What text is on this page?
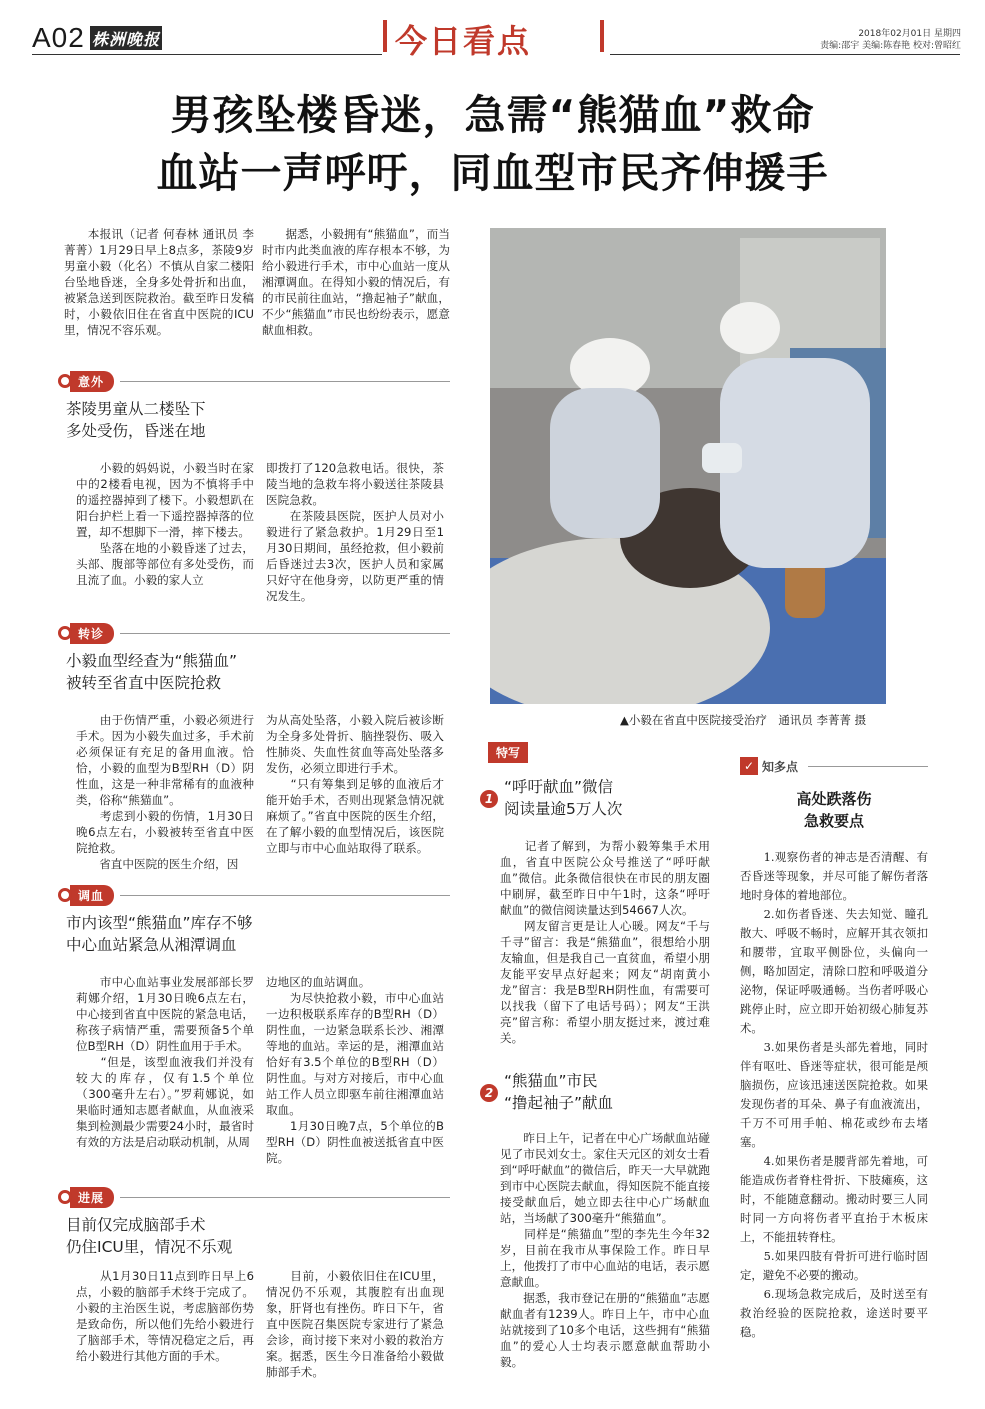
A02 株洲晚报	今日看点	2018年02月01日 星期四
责编:邵宇 美编:陈春艳 校对:曾昭红
男孩坠楼昏迷，急需“熊猫血”救命
血站一声呼吁，同血型市民齐伸援手
　　本报讯（记者 何春林 通讯员 李菁菁）1月29日早上8点多，茶陵9岁男童小毅（化名）不慎从自家二楼阳台坠地昏迷，全身多处骨折和出血，被紧急送到医院救治。截至昨日发稿时，小毅依旧住在省直中医院的ICU里，情况不容乐观。
　　据悉，小毅拥有“熊猫血”，而当时市内此类血液的库存根本不够，为给小毅进行手术，市中心血站一度从湘潭调血。在得知小毅的情况后，有的市民前往血站，“撸起袖子”献血，不少“熊猫血”市民也纷纷表示，愿意献血相救。
意外
茶陵男童从二楼坠下
多处受伤，昏迷在地
　　小毅的妈妈说，小毅当时在家中的2楼看电视，因为不慎将手中的遥控器掉到了楼下。小毅想趴在阳台护栏上看一下遥控器掉落的位置，却不想脚下一滑，摔下楼去。
　　坠落在地的小毅昏迷了过去，头部、腹部等部位有多处受伤，而且流了血。小毅的家人立
即拨打了120急救电话。很快，茶陵当地的急救车将小毅送往茶陵县医院急救。
　　在茶陵县医院，医护人员对小毅进行了紧急救护。1月29日至1月30日期间，虽经抢救，但小毅前后昏迷过去3次，医护人员和家属只好守在他身旁，以防更严重的情况发生。
转诊
小毅血型经查为“熊猫血”
被转至省直中医院抢救
　　由于伤情严重，小毅必须进行手术。因为小毅失血过多，手术前必须保证有充足的备用血液。恰恰，小毅的血型为B型RH（D）阴性血，这是一种非常稀有的血液种类，俗称“熊猫血”。
　　考虑到小毅的伤情，1月30日晚6点左右，小毅被转至省直中医院抢救。
　　省直中医院的医生介绍，因
为从高处坠落，小毅入院后被诊断为全身多处骨折、脑挫裂伤、吸入性肺炎、失血性贫血等高处坠落多发伤，必须立即进行手术。
　　“只有筹集到足够的血液后才能开始手术，否则出现紧急情况就麻烦了。”省直中医院的医生介绍，在了解小毅的血型情况后，该医院立即与市中心血站取得了联系。
调血
市内该型“熊猫血”库存不够
中心血站紧急从湘潭调血
　　市中心血站事业发展部部长罗莉娜介绍，1月30日晚6点左右，中心接到省直中医院的紧急电话，称孩子病情严重，需要预备5个单位B型RH（D）阴性血用于手术。
　　“但是，该型血液我们并没有较大的库存，仅有1.5个单位（300毫升左右）。”罗莉娜说，如果临时通知志愿者献血，从血液采集到检测最少需要24小时，最省时有效的方法是启动联动机制，从周
边地区的血站调血。
　　为尽快抢救小毅，市中心血站一边积极联系库存的B型RH（D）阴性血，一边紧急联系长沙、湘潭等地的血站。幸运的是，湘潭血站恰好有3.5个单位的B型RH（D）阴性血。与对方对接后，市中心血站工作人员立即驱车前往湘潭血站取血。
　　1月30日晚7点，5个单位的B型RH（D）阴性血被送抵省直中医院。
进展
目前仅完成脑部手术
仍住ICU里，情况不乐观
　　从1月30日11点到昨日早上6点，小毅的脑部手术终于完成了。小毅的主治医生说，考虑脑部伤势是致命伤，所以他们先给小毅进行了脑部手术，等情况稳定之后，再给小毅进行其他方面的手术。
　　目前，小毅依旧住在ICU里，情况仍不乐观，其腹腔有出血现象，肝肾也有挫伤。昨日下午，省直中医院召集医院专家进行了紧急会诊，商讨接下来对小毅的救治方案。据悉，医生今日准备给小毅做肺部手术。
▲小毅在省直中医院接受治疗　通讯员 李菁菁 摄
特写
1
“呼吁献血”微信
阅读量逾5万人次
　　记者了解到，为帮小毅筹集手术用血，省直中医院公众号推送了“呼吁献血”微信。此条微信很快在市民的朋友圈中刷屏，截至昨日中午1时，这条“呼吁献血”的微信阅读量达到54667人次。
　　网友留言更是让人心暖。网友“千与千寻”留言：我是“熊猫血”，很想给小朋友输血，但是我自己一直贫血，希望小朋友能平安早点好起来；网友“胡南黄小龙”留言：我是B型RH阴性血，有需要可以找我（留下了电话号码）；网友“王洪亮”留言称：希望小朋友挺过来，渡过难关。
2
“熊猫血”市民
“撸起袖子”献血
　　昨日上午，记者在中心广场献血站碰见了市民刘女士。家住天元区的刘女士看到“呼吁献血”的微信后，昨天一大早就跑到市中心医院去献血，得知医院不能直接接受献血后，她立即去往中心广场献血站，当场献了300毫升“熊猫血”。
　　同样是“熊猫血”型的李先生今年32岁，目前在我市从事保险工作。昨日早上，他拨打了市中心血站的电话，表示愿意献血。
　　据悉，我市登记在册的“熊猫血”志愿献血者有1239人。昨日上午，市中心血站就接到了10多个电话，这些拥有“熊猫血”的爱心人士均表示愿意献血帮助小毅。
✓ 知多点
高处跌落伤
急救要点
　　1.观察伤者的神志是否清醒、有否昏迷等现象，并尽可能了解伤者落地时身体的着地部位。
　　2.如伤者昏迷、失去知觉、瞳孔散大、呼吸不畅时，应解开其衣领扣和腰带，宜取平侧卧位，头偏向一侧，略加固定，清除口腔和呼吸道分泌物，保证呼吸通畅。当伤者呼吸心跳停止时，应立即开始初级心肺复苏术。
　　3.如果伤者是头部先着地，同时伴有呕吐、昏迷等症状，很可能是颅脑损伤，应该迅速送医院抢救。如果发现伤者的耳朵、鼻子有血液流出，千万不可用手帕、棉花或纱布去堵塞。
　　4.如果伤者是腰背部先着地，可能造成伤者脊柱骨折、下肢瘫痪，这时，不能随意翻动。搬动时要三人同时同一方向将伤者平直抬于木板床上，不能扭转脊柱。
　　5.如果四肢有骨折可进行临时固定，避免不必要的搬动。
　　6.现场急救完成后，及时送至有救治经验的医院抢救，途送时要平稳。
